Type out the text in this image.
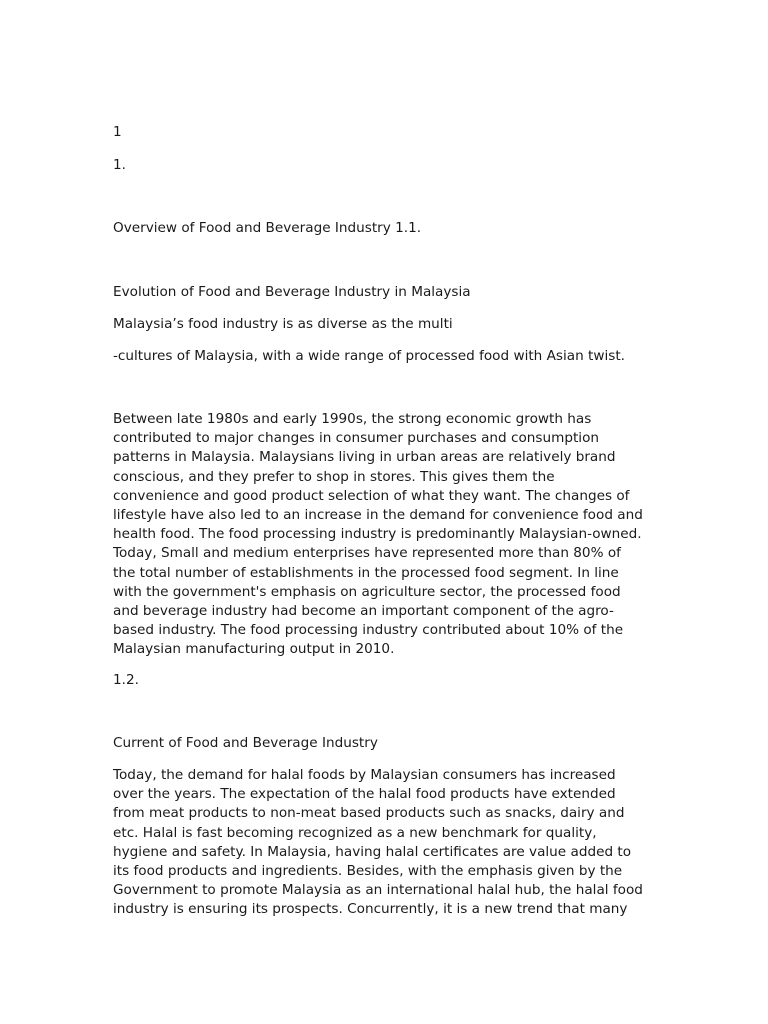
1

1.

Overview of Food and Beverage Industry 1.1.

Evolution of Food and Beverage Industry in Malaysia

Malaysia’s food industry is as diverse as the multi

-cultures of Malaysia, with a wide range of processed food with Asian twist.

Between late 1980s and early 1990s, the strong economic growth has
contributed to major changes in consumer purchases and consumption
patterns in Malaysia. Malaysians living in urban areas are relatively brand
conscious, and they prefer to shop in stores. This gives them the
convenience and good product selection of what they want. The changes of
lifestyle have also led to an increase in the demand for convenience food and
health food. The food processing industry is predominantly Malaysian-owned.
Today, Small and medium enterprises have represented more than 80% of
the total number of establishments in the processed food segment. In line
with the government's emphasis on agriculture sector, the processed food
and beverage industry had become an important component of the agro-
based industry. The food processing industry contributed about 10% of the
Malaysian manufacturing output in 2010.

1.2.

Current of Food and Beverage Industry

Today, the demand for halal foods by Malaysian consumers has increased
over the years. The expectation of the halal food products have extended
from meat products to non-meat based products such as snacks, dairy and
etc. Halal is fast becoming recognized as a new benchmark for quality,
hygiene and safety. In Malaysia, having halal certificates are value added to
its food products and ingredients. Besides, with the emphasis given by the
Government to promote Malaysia as an international halal hub, the halal food
industry is ensuring its prospects. Concurrently, it is a new trend that many
